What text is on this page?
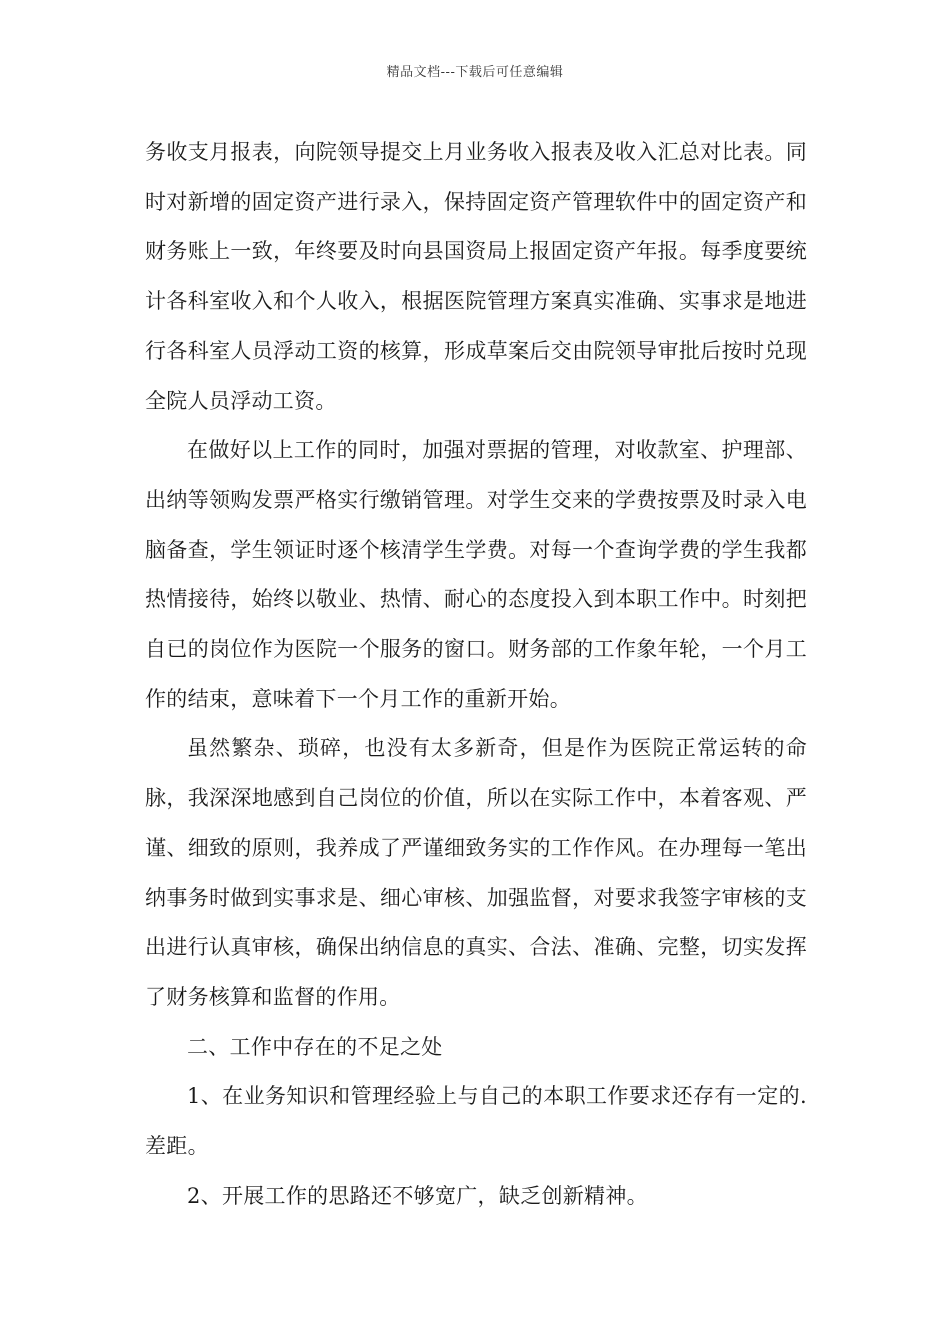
精品文档---下载后可任意编辑

务收支月报表，向院领导提交上月业务收入报表及收入汇总对比表。同时对新增的固定资产进行录入，保持固定资产管理软件中的固定资产和财务账上一致，年终要及时向县国资局上报固定资产年报。每季度要统计各科室收入和个人收入，根据医院管理方案真实准确、实事求是地进行各科室人员浮动工资的核算，形成草案后交由院领导审批后按时兑现全院人员浮动工资。

在做好以上工作的同时，加强对票据的管理，对收款室、护理部、出纳等领购发票严格实行缴销管理。对学生交来的学费按票及时录入电脑备查，学生领证时逐个核清学生学费。对每一个查询学费的学生我都热情接待，始终以敬业、热情、耐心的态度投入到本职工作中。时刻把自已的岗位作为医院一个服务的窗口。财务部的工作象年轮，一个月工作的结束，意味着下一个月工作的重新开始。

虽然繁杂、琐碎，也没有太多新奇，但是作为医院正常运转的命脉，我深深地感到自己岗位的价值，所以在实际工作中，本着客观、严谨、细致的原则，我养成了严谨细致务实的工作作风。在办理每一笔出纳事务时做到实事求是、细心审核、加强监督，对要求我签字审核的支出进行认真审核，确保出纳信息的真实、合法、准确、完整，切实发挥了财务核算和监督的作用。

二、工作中存在的不足之处

1、在业务知识和管理经验上与自己的本职工作要求还存有一定的.差距。

2、开展工作的思路还不够宽广，缺乏创新精神。
